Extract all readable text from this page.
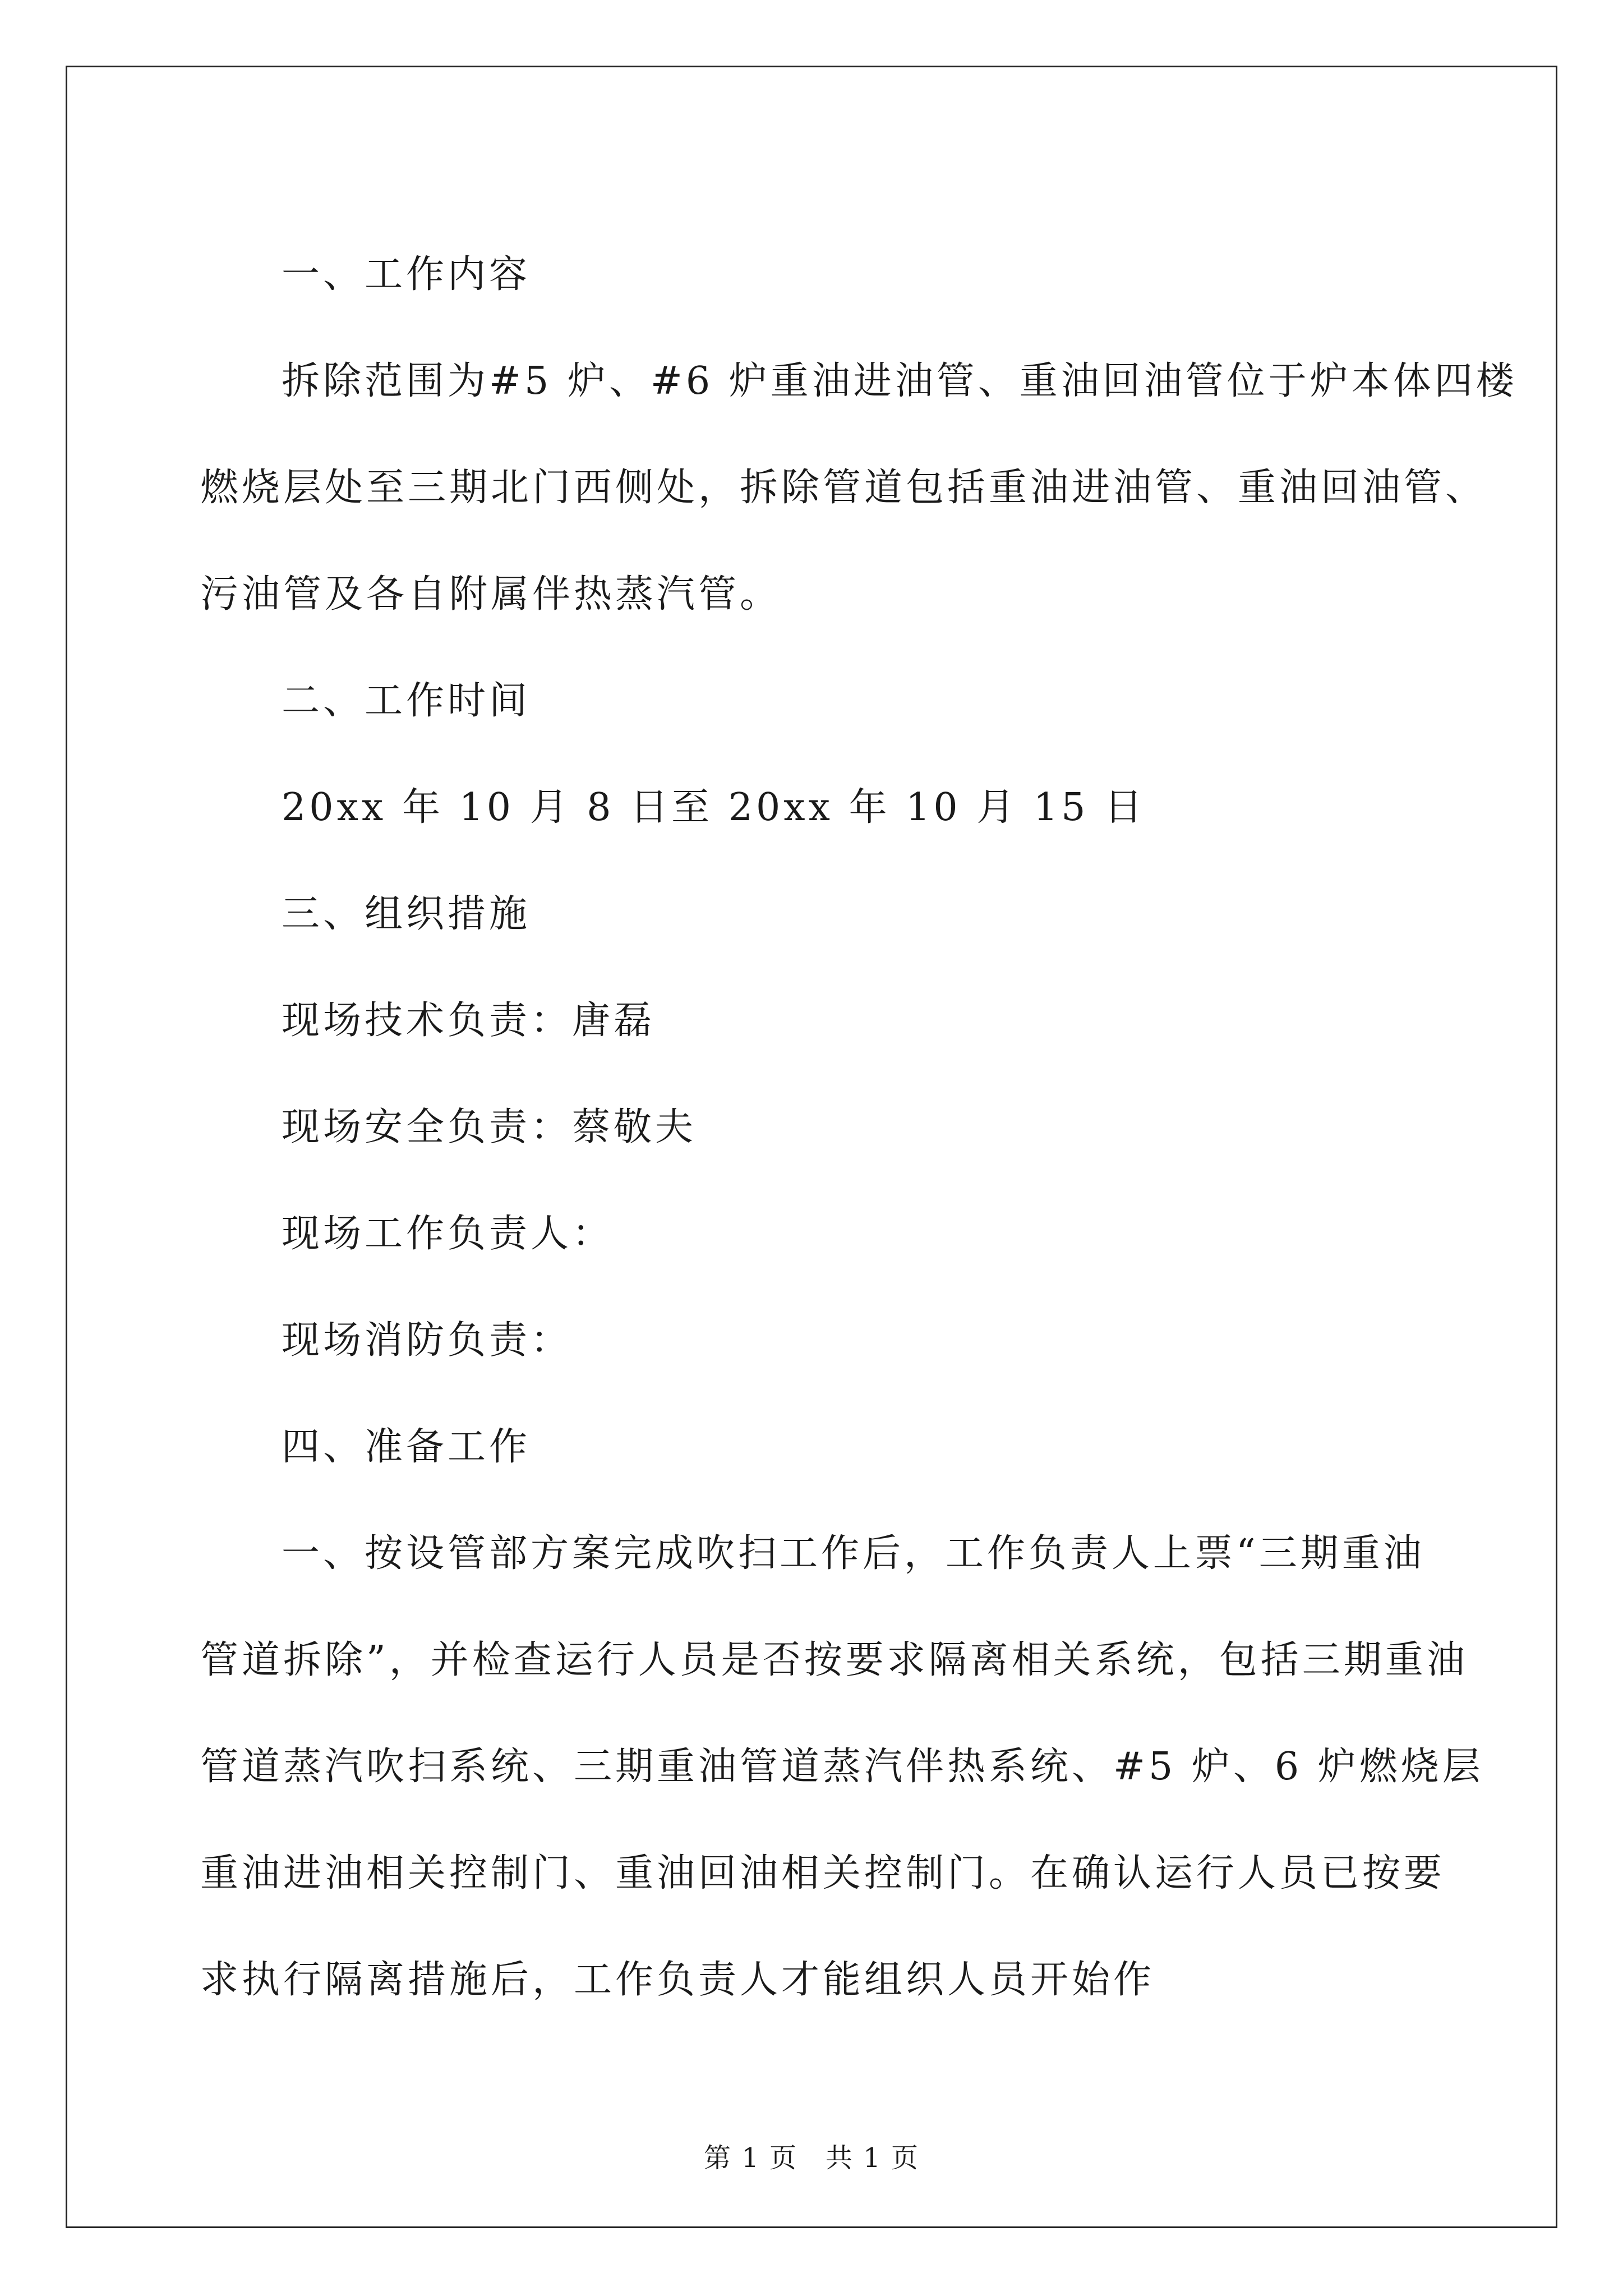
一、工作内容

拆除范围为#5 炉、#6 炉重油进油管、重油回油管位于炉本体四楼

燃烧层处至三期北门西侧处，拆除管道包括重油进油管、重油回油管、

污油管及各自附属伴热蒸汽管。

二、工作时间

20xx 年 10 月 8 日至 20xx 年 10 月 15 日

三、组织措施

现场技术负责：唐磊

现场安全负责：蔡敬夫

现场工作负责人：

现场消防负责：

四、准备工作

一、按设管部方案完成吹扫工作后，工作负责人上票“三期重油

管道拆除”，并检查运行人员是否按要求隔离相关系统，包括三期重油

管道蒸汽吹扫系统、三期重油管道蒸汽伴热系统、#5 炉、6 炉燃烧层

重油进油相关控制门、重油回油相关控制门。在确认运行人员已按要

求执行隔离措施后，工作负责人才能组织人员开始作

第 1 页　共 1 页
